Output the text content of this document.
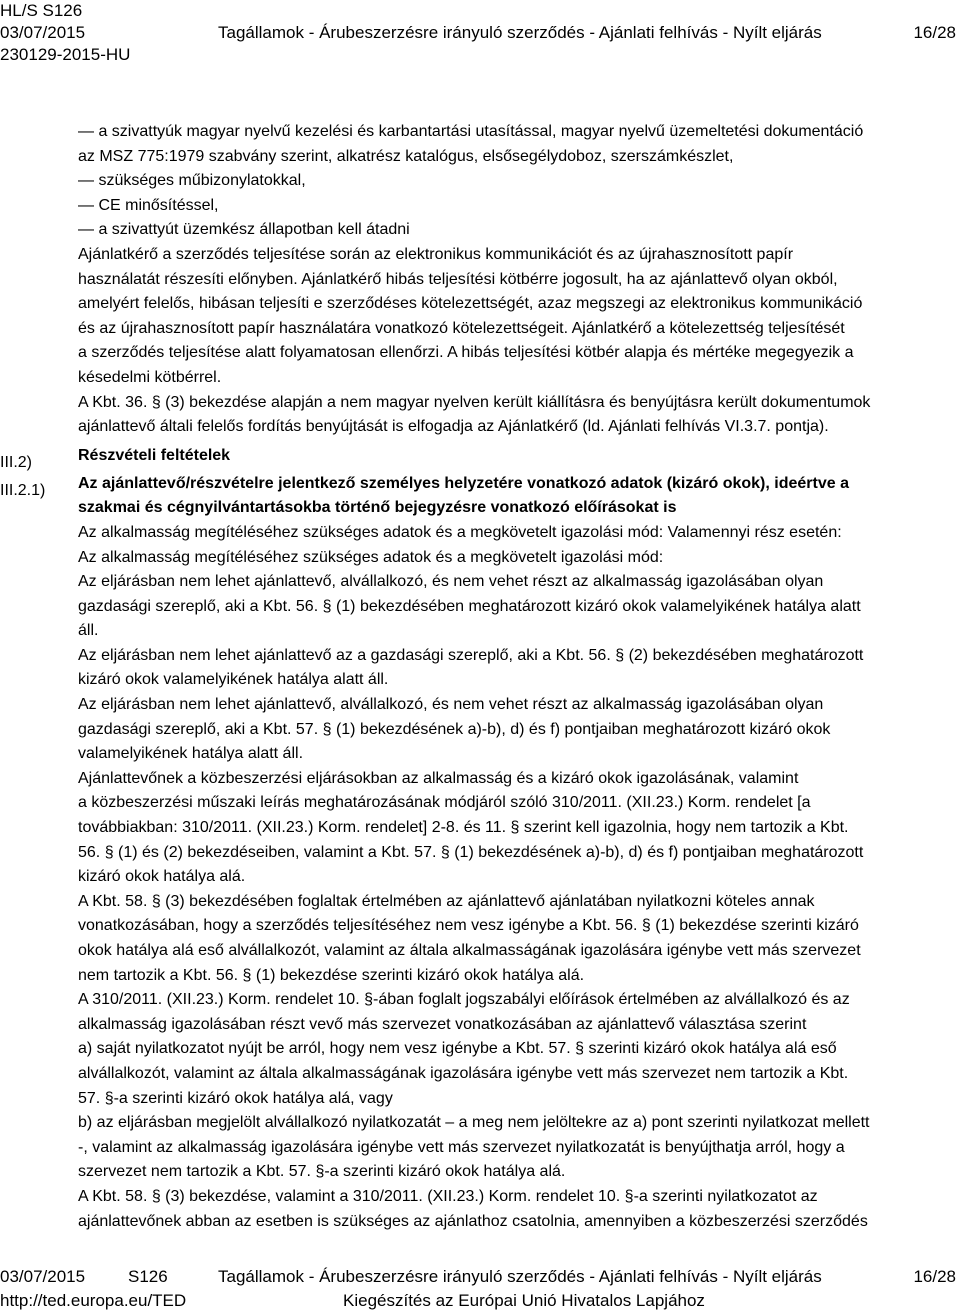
HL/S S126
03/07/2015	Tagállamok - Árubeszerzésre irányuló szerződés - Ajánlati felhívás - Nyílt eljárás	16/28
230129-2015-HU
III.2)
III.2.1)

— a szivattyúk magyar nyelvű kezelési és karbantartási utasítással, magyar nyelvű üzemeltetési dokumentáció

az MSZ 775:1979 szabvány szerint, alkatrész katalógus, elsősegélydoboz, szerszámkészlet,

— szükséges műbizonylatokkal,

— CE minősítéssel,

— a szivattyút üzemkész állapotban kell átadni

Ajánlatkérő a szerződés teljesítése során az elektronikus kommunikációt és az újrahasznosított papír

használatát részesíti előnyben. Ajánlatkérő hibás teljesítési kötbérre jogosult, ha az ajánlattevő olyan okból,

amelyért felelős, hibásan teljesíti e szerződéses kötelezettségét, azaz megszegi az elektronikus kommunikáció

és az újrahasznosított papír használatára vonatkozó kötelezettségeit. Ajánlatkérő a kötelezettség teljesítését

a szerződés teljesítése alatt folyamatosan ellenőrzi. A hibás teljesítési kötbér alapja és mértéke megegyezik a

késedelmi kötbérrel.

A Kbt. 36. § (3) bekezdése alapján a nem magyar nyelven került kiállításra és benyújtásra került dokumentumok

ajánlattevő általi felelős fordítás benyújtását is elfogadja az Ajánlatkérő (ld. Ajánlati felhívás VI.3.7. pontja).

Részvételi feltételek

Az ajánlattevő/részvételre jelentkező személyes helyzetére vonatkozó adatok (kizáró okok), ideértve a

szakmai és cégnyilvántartásokba történő bejegyzésre vonatkozó előírásokat is

Az alkalmasság megítéléséhez szükséges adatok és a megkövetelt igazolási mód: Valamennyi rész esetén:

Az alkalmasság megítéléséhez szükséges adatok és a megkövetelt igazolási mód:

Az eljárásban nem lehet ajánlattevő, alvállalkozó, és nem vehet részt az alkalmasság igazolásában olyan

gazdasági szereplő, aki a Kbt. 56. § (1) bekezdésében meghatározott kizáró okok valamelyikének hatálya alatt

áll.

Az eljárásban nem lehet ajánlattevő az a gazdasági szereplő, aki a Kbt. 56. § (2) bekezdésében meghatározott

kizáró okok valamelyikének hatálya alatt áll.

Az eljárásban nem lehet ajánlattevő, alvállalkozó, és nem vehet részt az alkalmasság igazolásában olyan

gazdasági szereplő, aki a Kbt. 57. § (1) bekezdésének a)-b), d) és f) pontjaiban meghatározott kizáró okok

valamelyikének hatálya alatt áll.

Ajánlattevőnek a közbeszerzési eljárásokban az alkalmasság és a kizáró okok igazolásának, valamint

a közbeszerzési műszaki leírás meghatározásának módjáról szóló 310/2011. (XII.23.) Korm. rendelet [a

továbbiakban: 310/2011. (XII.23.) Korm. rendelet] 2-8. és 11. § szerint kell igazolnia, hogy nem tartozik a Kbt.

56. § (1) és (2) bekezdéseiben, valamint a Kbt. 57. § (1) bekezdésének a)-b), d) és f) pontjaiban meghatározott

kizáró okok hatálya alá.

A Kbt. 58. § (3) bekezdésében foglaltak értelmében az ajánlattevő ajánlatában nyilatkozni köteles annak

vonatkozásában, hogy a szerződés teljesítéséhez nem vesz igénybe a Kbt. 56. § (1) bekezdése szerinti kizáró

okok hatálya alá eső alvállalkozót, valamint az általa alkalmasságának igazolására igénybe vett más szervezet

nem tartozik a Kbt. 56. § (1) bekezdése szerinti kizáró okok hatálya alá.

A 310/2011. (XII.23.) Korm. rendelet 10. §-ában foglalt jogszabályi előírások értelmében az alvállalkozó és az

alkalmasság igazolásában részt vevő más szervezet vonatkozásában az ajánlattevő választása szerint

a) saját nyilatkozatot nyújt be arról, hogy nem vesz igénybe a Kbt. 57. § szerinti kizáró okok hatálya alá eső

alvállalkozót, valamint az általa alkalmasságának igazolására igénybe vett más szervezet nem tartozik a Kbt.

57. §-a szerinti kizáró okok hatálya alá, vagy

b) az eljárásban megjelölt alvállalkozó nyilatkozatát – a meg nem jelöltekre az a) pont szerinti nyilatkozat mellett

-, valamint az alkalmasság igazolására igénybe vett más szervezet nyilatkozatát is benyújthatja arról, hogy a

szervezet nem tartozik a Kbt. 57. §-a szerinti kizáró okok hatálya alá.

A Kbt. 58. § (3) bekezdése, valamint a 310/2011. (XII.23.) Korm. rendelet 10. §-a szerinti nyilatkozatot az

ajánlattevőnek abban az esetben is szükséges az ajánlathoz csatolnia, amennyiben a közbeszerzési szerződés

03/07/2015	S126	Tagállamok - Árubeszerzésre irányuló szerződés - Ajánlati felhívás - Nyílt eljárás	16/28
http://ted.europa.eu/TED	Kiegészítés az Európai Unió Hivatalos Lapjához
